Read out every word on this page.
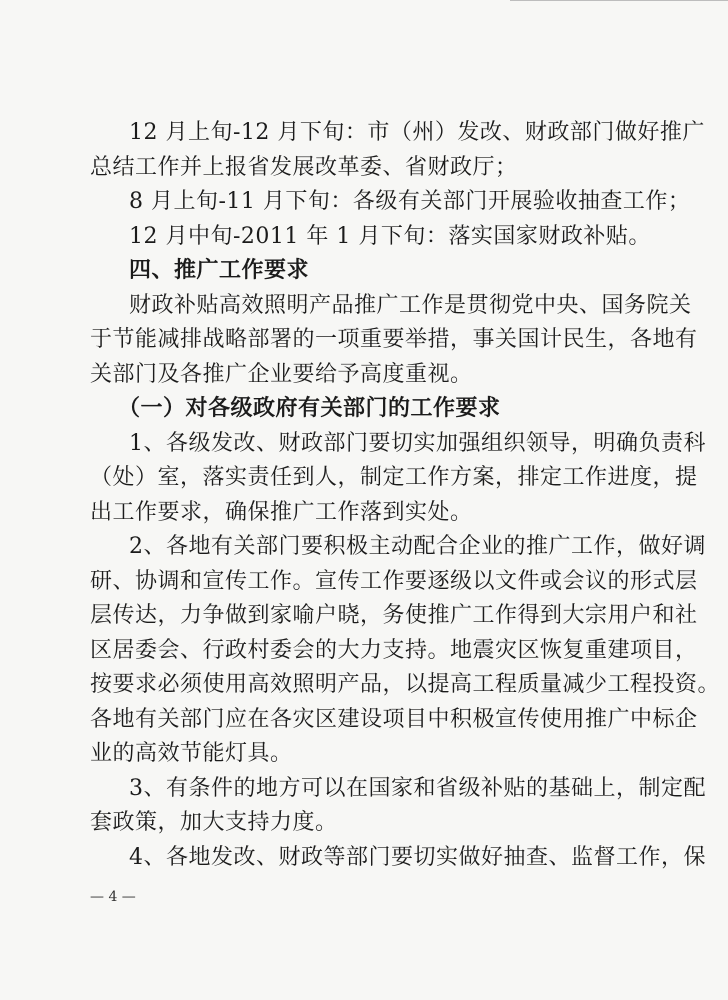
12 月上旬-12 月下旬：市（州）发改、财政部门做好推广
总结工作并上报省发展改革委、省财政厅；
8 月上旬-11 月下旬：各级有关部门开展验收抽查工作；
12 月中旬-2011 年 1 月下旬：落实国家财政补贴。
四、推广工作要求
财政补贴高效照明产品推广工作是贯彻党中央、国务院关
于节能减排战略部署的一项重要举措，事关国计民生，各地有
关部门及各推广企业要给予高度重视。
（一）对各级政府有关部门的工作要求
1、各级发改、财政部门要切实加强组织领导，明确负责科
（处）室，落实责任到人，制定工作方案，排定工作进度，提
出工作要求，确保推广工作落到实处。
2、各地有关部门要积极主动配合企业的推广工作，做好调
研、协调和宣传工作。宣传工作要逐级以文件或会议的形式层
层传达，力争做到家喻户晓，务使推广工作得到大宗用户和社
区居委会、行政村委会的大力支持。地震灾区恢复重建项目，
按要求必须使用高效照明产品，以提高工程质量减少工程投资。
各地有关部门应在各灾区建设项目中积极宣传使用推广中标企
业的高效节能灯具。
3、有条件的地方可以在国家和省级补贴的基础上，制定配
— 4 —
套政策，加大支持力度。
4、各地发改、财政等部门要切实做好抽查、监督工作，保
